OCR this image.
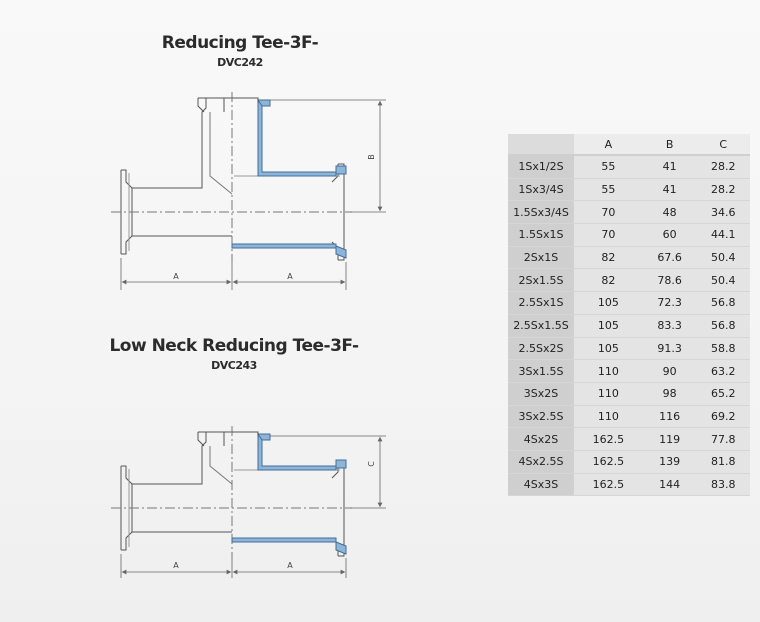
Reducing Tee-3F-
DVC242
Low Neck Reducing Tee-3F-
DVC243
A	A
B
A	A
C
	A	B	C
1Sx1/2S	55	41	28.2
1Sx3/4S	55	41	28.2
1.5Sx3/4S	70	48	34.6
1.5Sx1S	70	60	44.1
2Sx1S	82	67.6	50.4
2Sx1.5S	82	78.6	50.4
2.5Sx1S	105	72.3	56.8
2.5Sx1.5S	105	83.3	56.8
2.5Sx2S	105	91.3	58.8
3Sx1.5S	110	90	63.2
3Sx2S	110	98	65.2
3Sx2.5S	110	116	69.2
4Sx2S	162.5	119	77.8
4Sx2.5S	162.5	139	81.8
4Sx3S	162.5	144	83.8
